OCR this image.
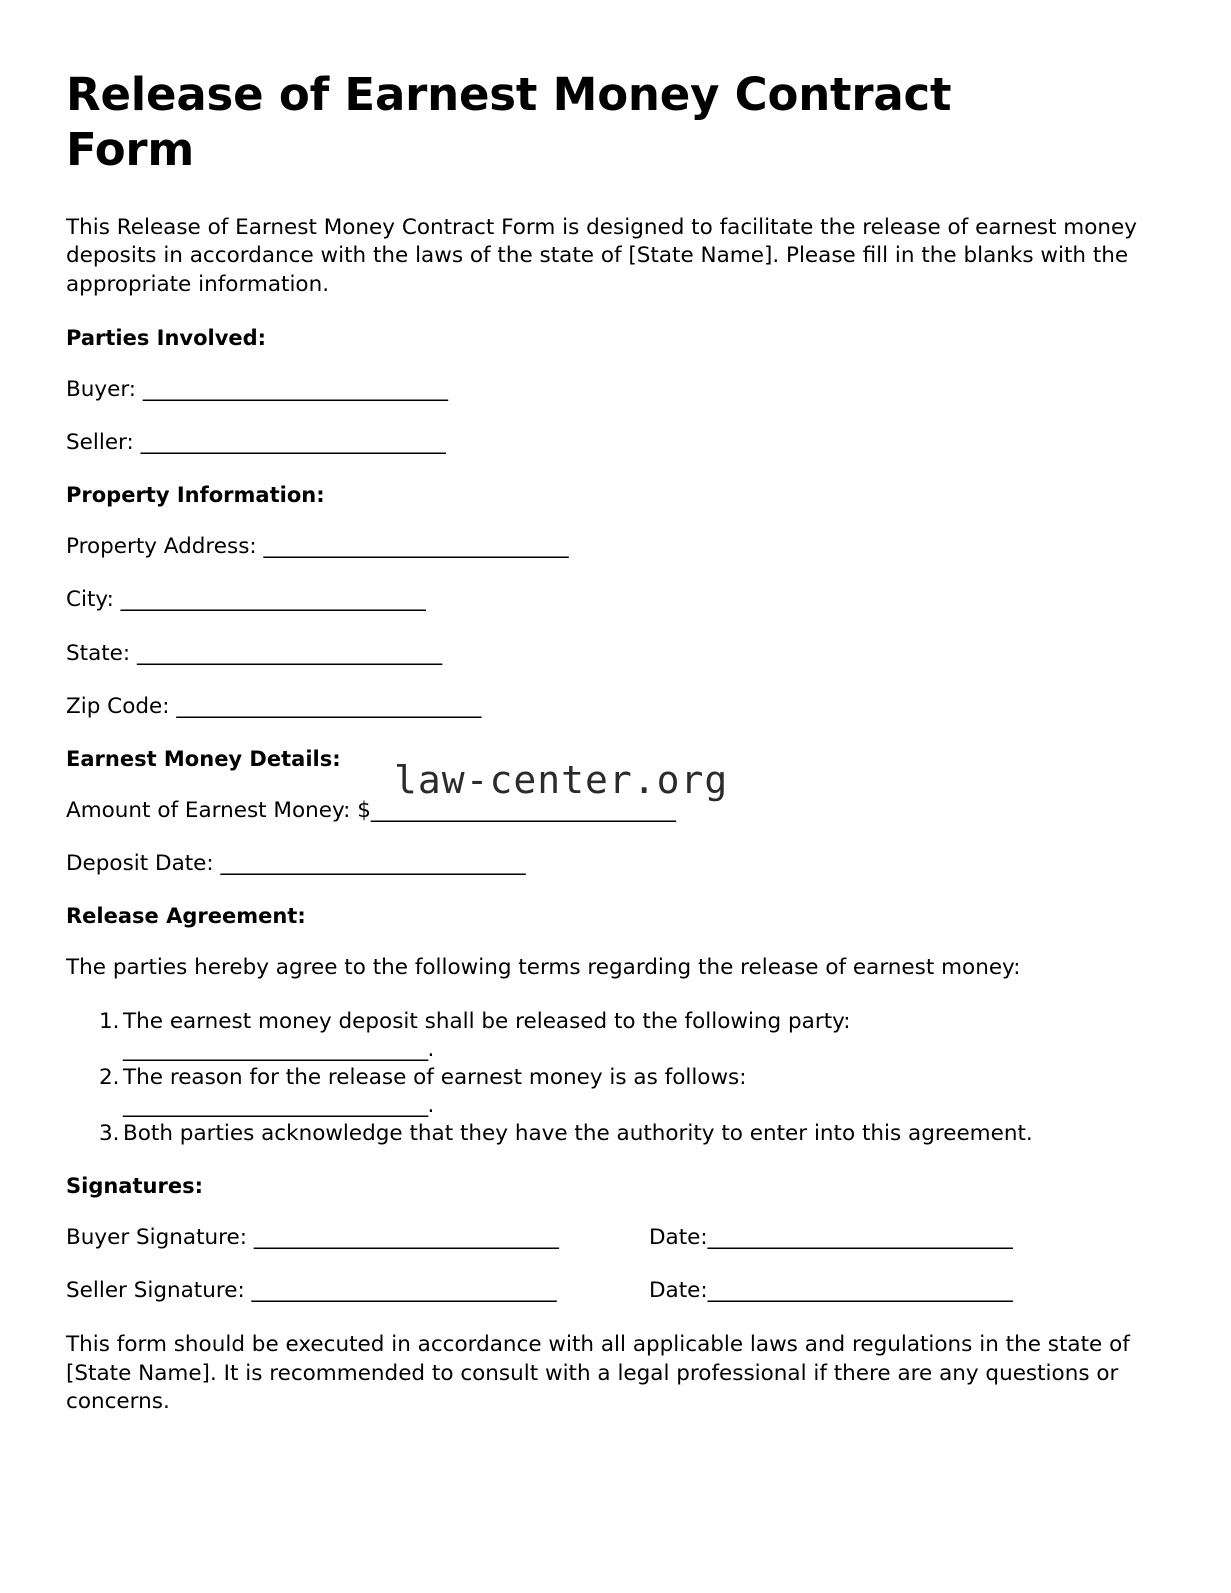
Release of Earnest Money Contract Form

This Release of Earnest Money Contract Form is designed to facilitate the release of earnest money deposits in accordance with the laws of the state of [State Name]. Please fill in the blanks with the appropriate information.

Parties Involved:
Buyer: ______________________________
Seller: ______________________________
Property Information:
Property Address: ______________________________
City: ______________________________
State: ______________________________
Zip Code: ______________________________
Earnest Money Details:
Amount of Earnest Money: $______________________________
Deposit Date: ______________________________
Release Agreement:

The parties hereby agree to the following terms regarding the release of earnest money:

1. The earnest money deposit shall be released to the following party:
______________________________.
2. The reason for the release of earnest money is as follows:
______________________________.
3. Both parties acknowledge that they have the authority to enter into this agreement.
Signatures:
Buyer Signature: ______________________________	Date: ______________________________
Seller Signature: ______________________________	Date: ______________________________

This form should be executed in accordance with all applicable laws and regulations in the state of [State Name]. It is recommended to consult with a legal professional if there are any questions or concerns.

law-center.org
